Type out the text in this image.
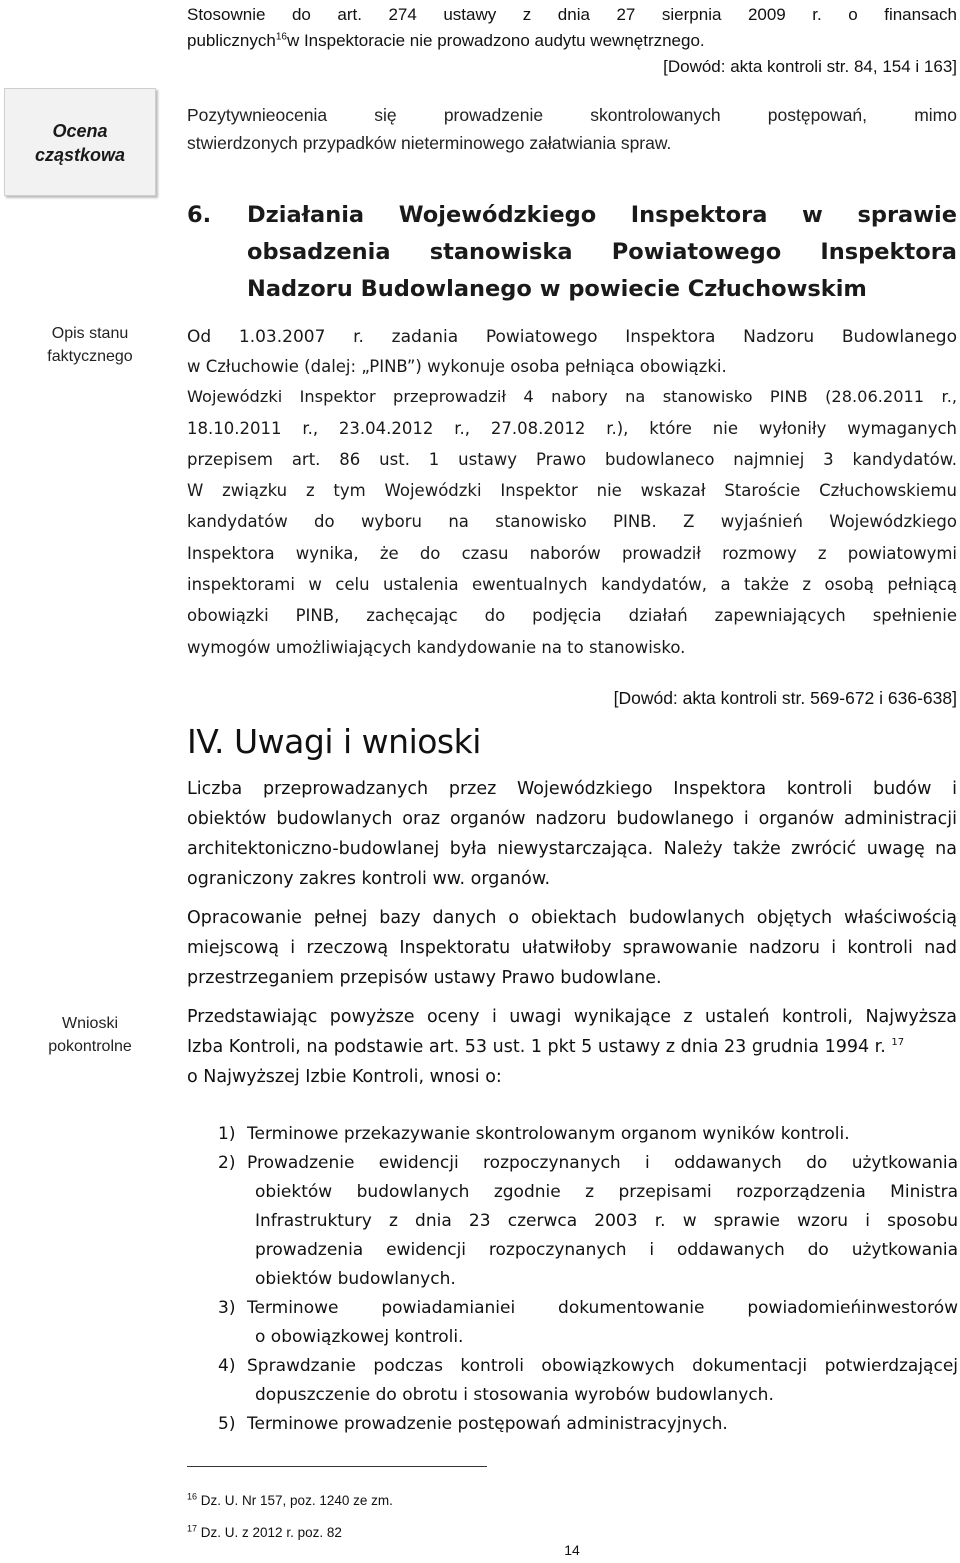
Ocena
cząstkowa
Opis stanu
faktycznego
Wnioski
pokontrolne
Stosownie do art. 274 ustawy z dnia 27 sierpnia 2009 r. o finansach
publicznych$^{16}$w Inspektoracie nie prowadzono audytu wewnętrznego.
[Dowód: akta kontroli str. 84, 154 i 163]
Pozytywnieocenia się prowadzenie skontrolowanych postępowań, mimo
stwierdzonych przypadków nieterminowego załatwiania spraw.
6. Działania Wojewódzkiego Inspektora w sprawie
obsadzenia stanowiska Powiatowego Inspektora
Nadzoru Budowlanego w powiecie Człuchowskim
Od 1.03.2007 r. zadania Powiatowego Inspektora Nadzoru Budowlanego
w Człuchowie (dalej: „PINB”) wykonuje osoba pełniąca obowiązki.
Wojewódzki Inspektor przeprowadził 4 nabory na stanowisko PINB (28.06.2011 r.,
18.10.2011 r., 23.04.2012 r., 27.08.2012 r.), które nie wyłoniły wymaganych
przepisem art. 86 ust. 1 ustawy Prawo budowlaneco najmniej 3 kandydatów.
W związku z tym Wojewódzki Inspektor nie wskazał Staroście Człuchowskiemu
kandydatów do wyboru na stanowisko PINB. Z wyjaśnień Wojewódzkiego
Inspektora wynika, że do czasu naborów prowadził rozmowy z powiatowymi
inspektorami w celu ustalenia ewentualnych kandydatów, a także z osobą pełniącą
obowiązki PINB, zachęcając do podjęcia działań zapewniających spełnienie
wymogów umożliwiających kandydowanie na to stanowisko.
[Dowód: akta kontroli str. 569-672 i 636-638]
IV. Uwagi i wnioski
Liczba przeprowadzanych przez Wojewódzkiego Inspektora kontroli budów i
obiektów budowlanych oraz organów nadzoru budowlanego i organów administracji
architektoniczno-budowlanej była niewystarczająca. Należy także zwrócić uwagę na
ograniczony zakres kontroli ww. organów.
Opracowanie pełnej bazy danych o obiektach budowlanych objętych właściwością
miejscową i rzeczową Inspektoratu ułatwiłoby sprawowanie nadzoru i kontroli nad
przestrzeganiem przepisów ustawy Prawo budowlane.
Przedstawiając powyższe oceny i uwagi wynikające z ustaleń kontroli, Najwyższa
Izba Kontroli, na podstawie art. 53 ust. 1 pkt 5 ustawy z dnia 23 grudnia 1994 r. $^{17}$
o Najwyższej Izbie Kontroli, wnosi o:
1) Terminowe przekazywanie skontrolowanym organom wyników kontroli.
2) Prowadzenie ewidencji rozpoczynanych i oddawanych do użytkowania
obiektów budowlanych zgodnie z przepisami rozporządzenia Ministra
Infrastruktury z dnia 23 czerwca 2003 r. w sprawie wzoru i sposobu
prowadzenia ewidencji rozpoczynanych i oddawanych do użytkowania
obiektów budowlanych.
3) Terminowe powiadamianiei dokumentowanie powiadomieńinwestorów
o obowiązkowej kontroli.
4) Sprawdzanie podczas kontroli obowiązkowych dokumentacji potwierdzającej
dopuszczenie do obrotu i stosowania wyrobów budowlanych.
5) Terminowe prowadzenie postępowań administracyjnych.
$^{16}$ Dz. U. Nr 157, poz. 1240 ze zm.
$^{17}$ Dz. U. z 2012 r. poz. 82
14
